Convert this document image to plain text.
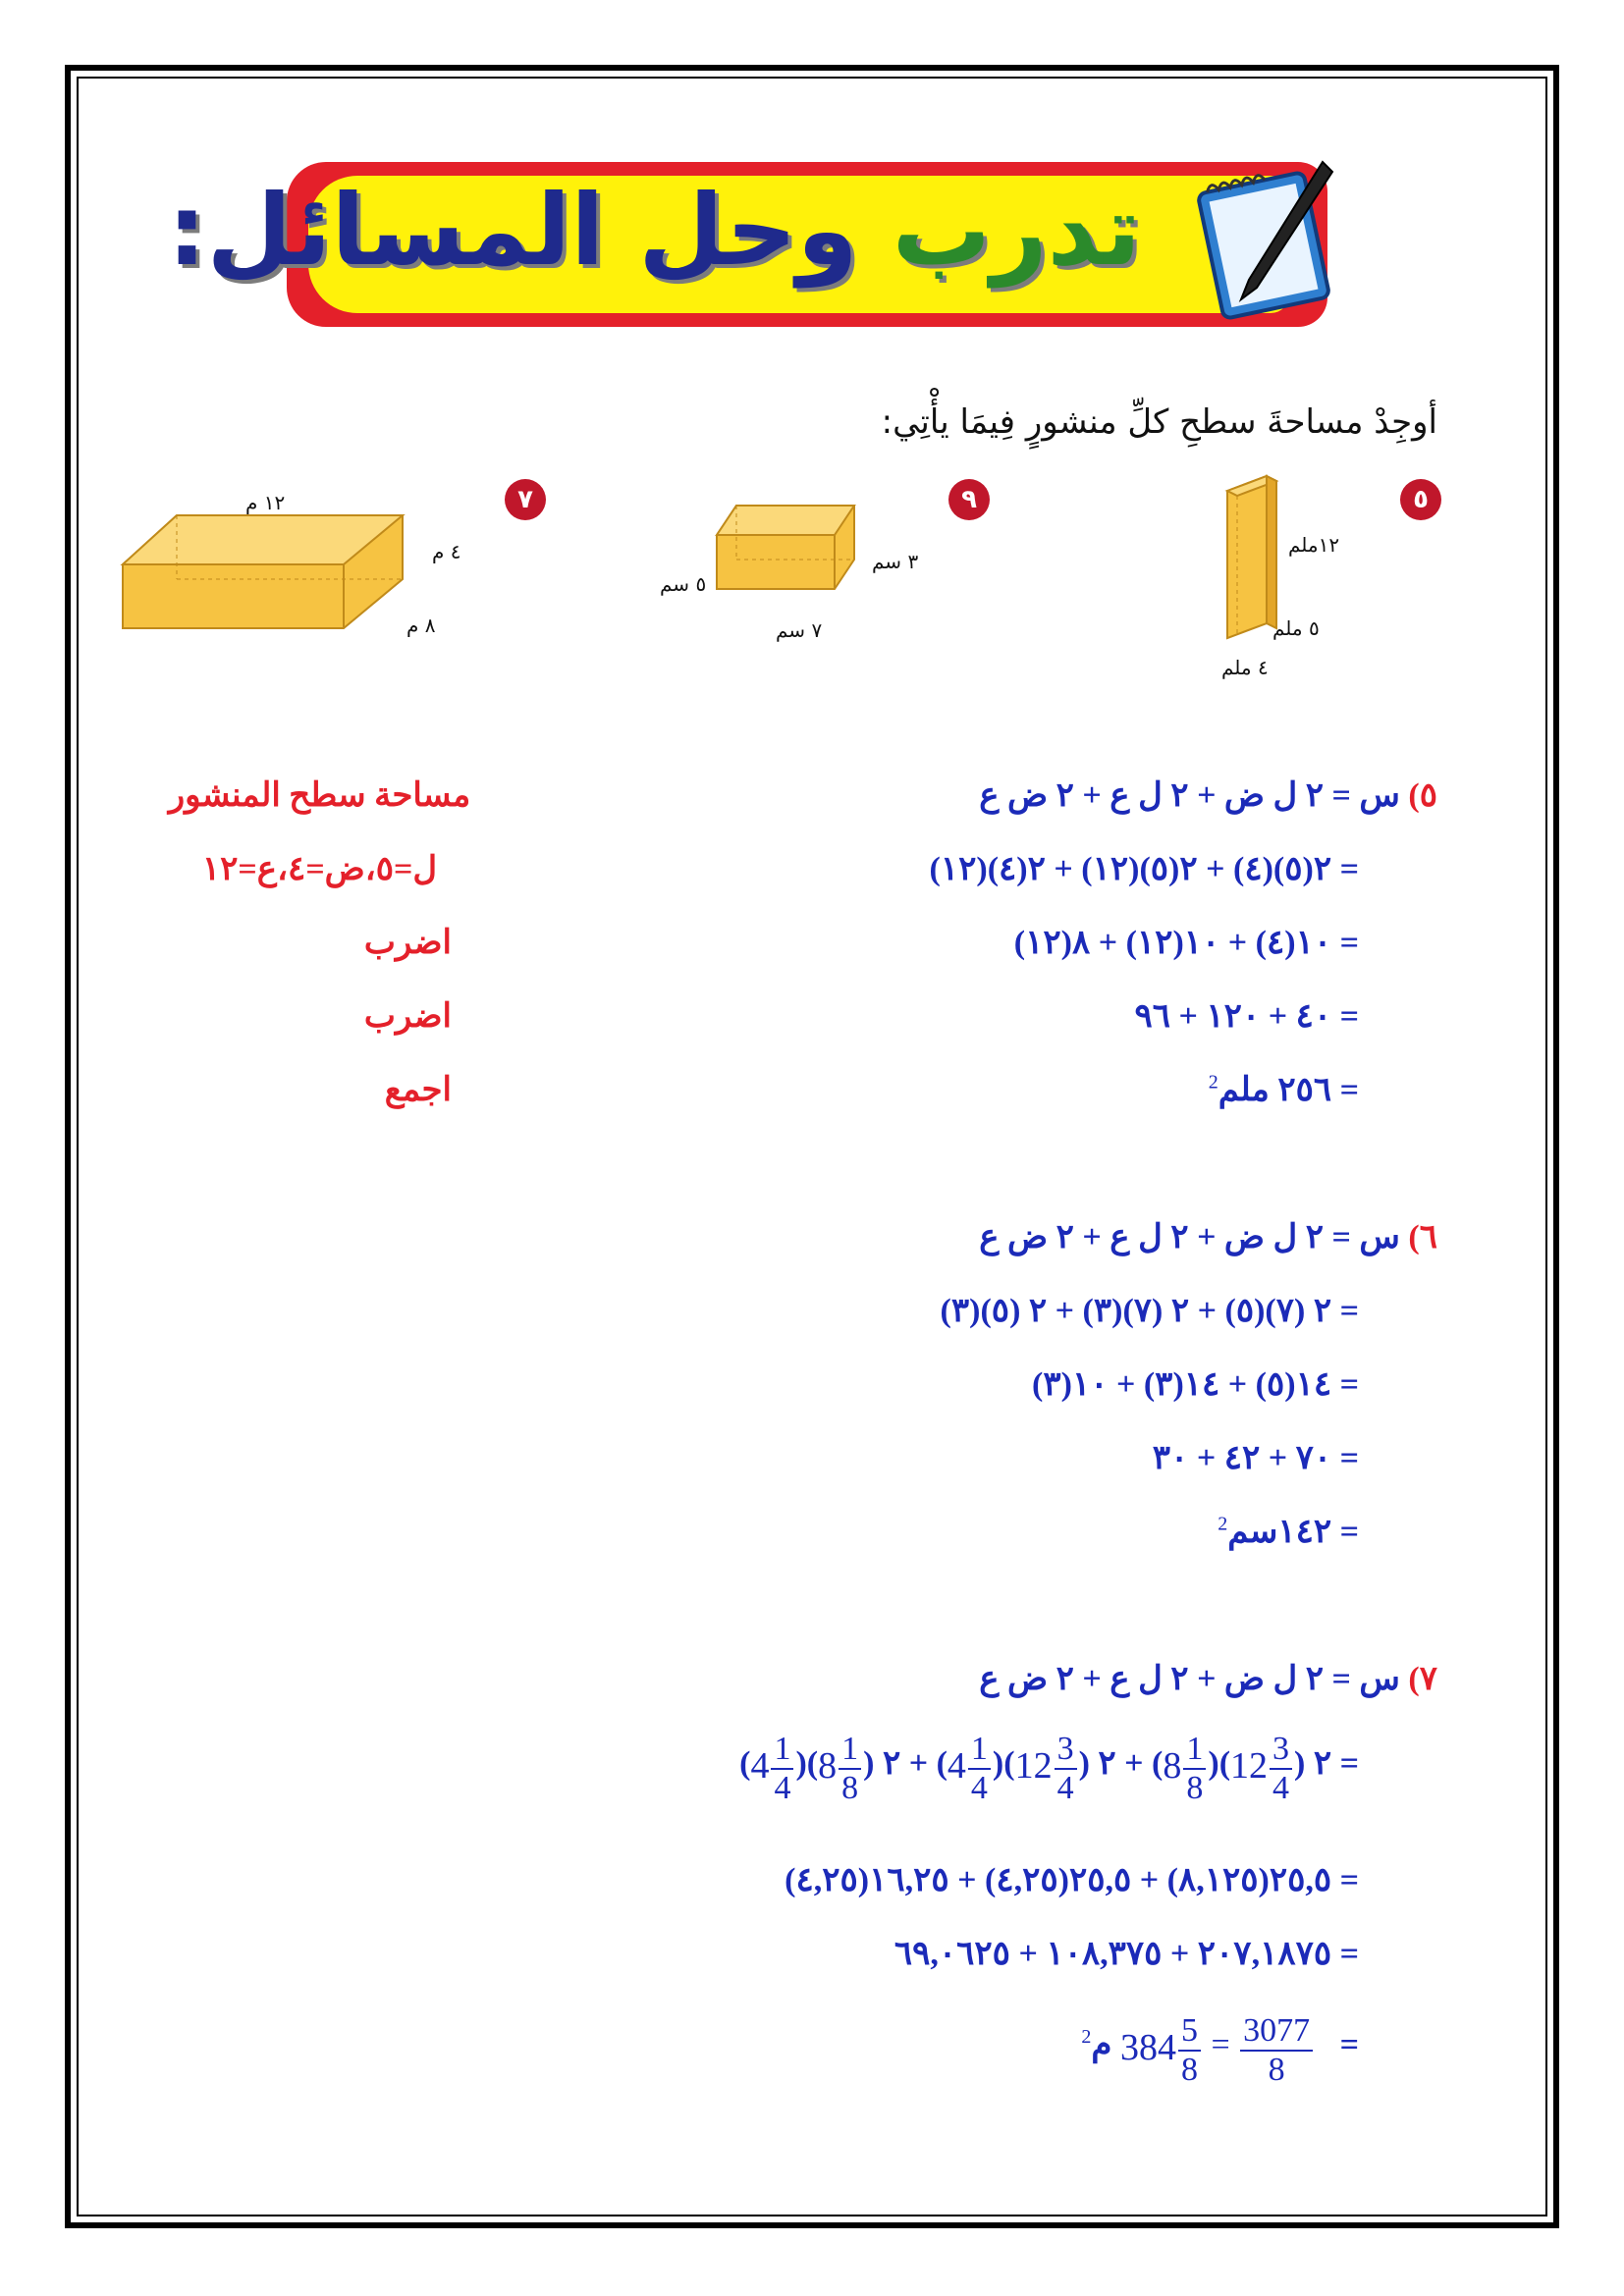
تدرب وحل المسائل:
أوجِدْ مساحةَ سطحِ كلِّ منشورٍ فِيمَا يأْتِي:
٥
١٢ملم
٥ ملم
٤ ملم
٩
٣ سم
٥ سم
٧ سم
٧
١٢ م
٤ م
٨ م
مساحة سطح المنشور
ل=٥،ض=٤،ع=١٢
اضرب
اضرب
اجمع
٥) س = ٢ ل ض + ٢ ل ع + ٢ ض ع
= ٢(٥)(٤) + ٢(٥)(١٢) + ٢(٤)(١٢)
= ١٠(٤) + ١٠(١٢) + ٨(١٢)
= ٤٠ + ١٢٠ + ٩٦
= ٢٥٦ ملم$^2$
٦) س = ٢ ل ض + ٢ ل ع + ٢ ض ع
= ٢ (٧)(٥) + ٢ (٧)(٣) + ٢ (٥)(٣)
= ١٤(٥) + ١٤(٣) + ١٠(٣)
= ٧٠ + ٤٢ + ٣٠
= ١٤٢سم$^2$
٧) س = ٢ ل ض + ٢ ل ع + ٢ ض ع
= ٢ ($12 \frac{3}{4}$
)($8 \frac{1}{8}$
) + ٢ ($12 \frac{3}{4}$
)($4 \frac{1}{4}$
) + ٢ ($8 \frac{1}{8}$
)($4 \frac{1}{4}$
)
= ٢٥,٥(٨,١٢٥) + ٢٥,٥(٤,٢٥) + ١٦,٢٥(٤,٢٥)
= ٢٠٧,١٨٧٥ + ١٠٨,٣٧٥ + ٦٩,٠٦٢٥
=
$\frac{3077}{8}$
= $384 \frac{5}{8}$
م$^2$
